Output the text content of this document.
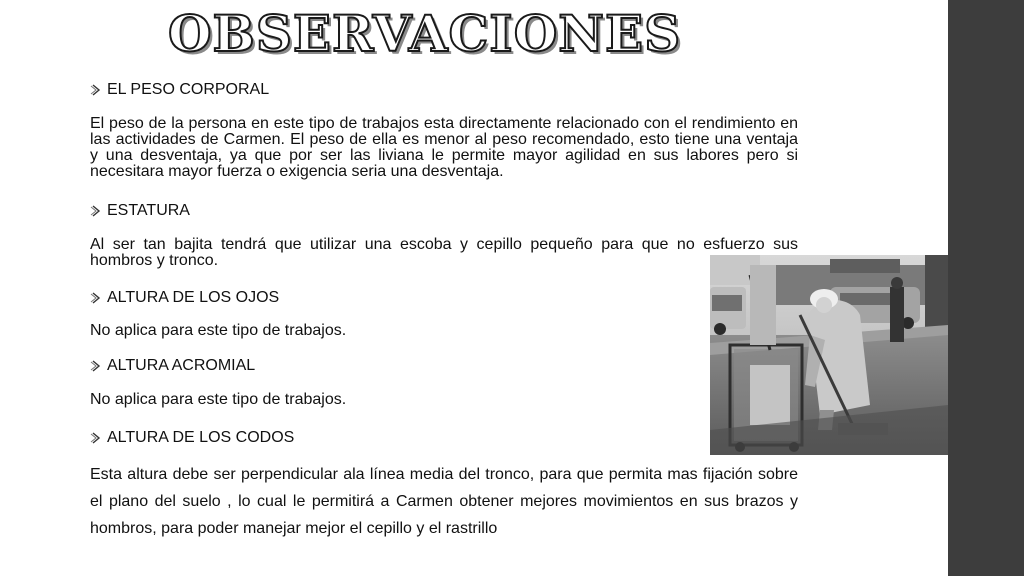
OBSERVACIONES
EL PESO CORPORAL
El peso de la persona en este tipo de trabajos esta directamente relacionado con el rendimiento en las actividades de Carmen. El peso de ella es menor al peso recomendado, esto tiene una ventaja y una desventaja, ya que por ser las liviana le permite mayor agilidad en sus labores pero si necesitara mayor fuerza o exigencia seria una desventaja.
ESTATURA
Al ser tan bajita tendrá que utilizar una escoba y cepillo pequeño para que no esfuerzo sus hombros y tronco.
ALTURA DE LOS OJOS
No aplica para este tipo de trabajos.
ALTURA ACROMIAL
No aplica para este tipo de trabajos.
ALTURA DE LOS CODOS
Esta altura debe ser perpendicular ala línea media del tronco, para que permita mas fijación sobre el plano del suelo , lo cual le permitirá a Carmen obtener mejores movimientos en sus brazos y hombros, para poder manejar mejor el cepillo y el rastrillo
